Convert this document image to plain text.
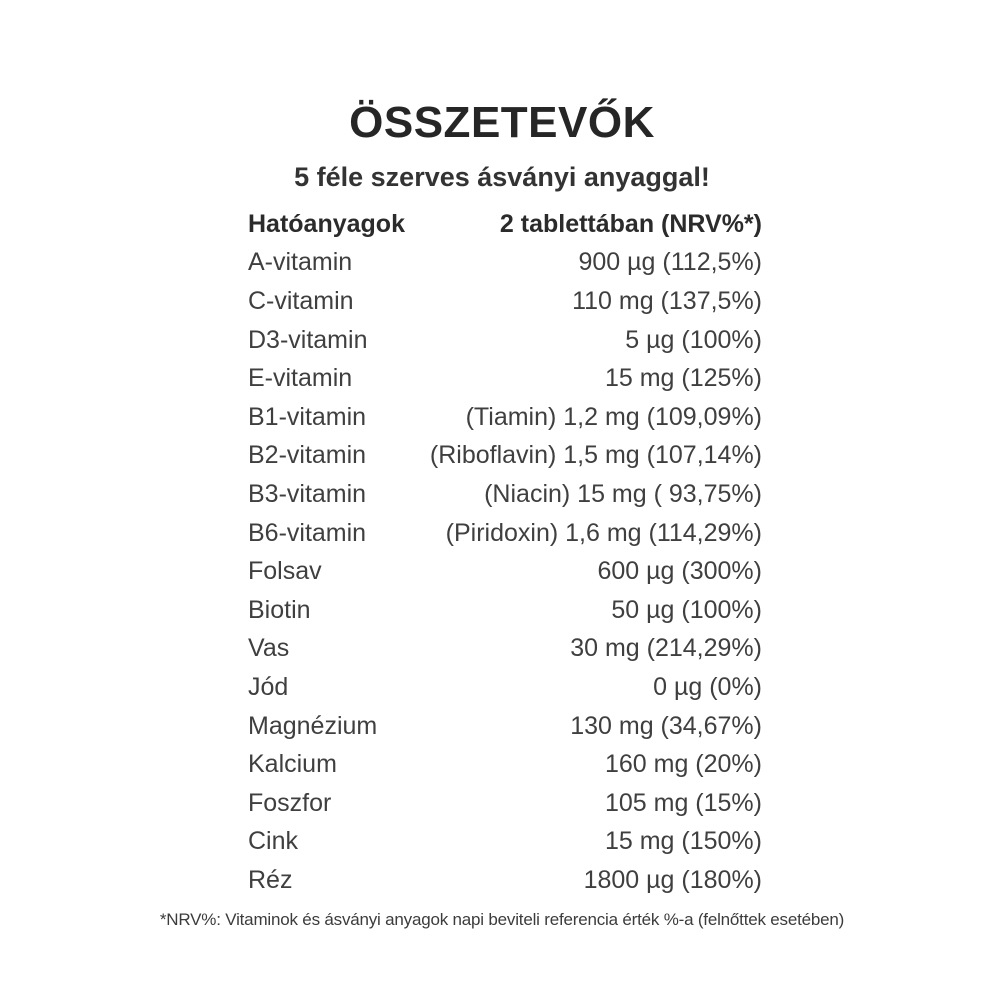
ÖSSZETEVŐK
5 féle szerves ásványi anyaggal!
Hatóanyagok	2 tablettában (NRV%*)
A-vitamin	900 µg (112,5%)
C-vitamin	110 mg (137,5%)
D3-vitamin	5 µg (100%)
E-vitamin	15 mg (125%)
B1-vitamin	(Tiamin) 1,2 mg (109,09%)
B2-vitamin	(Riboflavin) 1,5 mg (107,14%)
B3-vitamin	(Niacin) 15 mg ( 93,75%)
B6-vitamin	(Piridoxin) 1,6 mg (114,29%)
Folsav	600 µg (300%)
Biotin	50 µg (100%)
Vas	30 mg (214,29%)
Jód	0 µg (0%)
Magnézium	130 mg (34,67%)
Kalcium	160 mg (20%)
Foszfor	105 mg (15%)
Cink	15 mg (150%)
Réz	1800 µg (180%)
*NRV%: Vitaminok és ásványi anyagok napi beviteli referencia érték %-a (felnőttek esetében)
